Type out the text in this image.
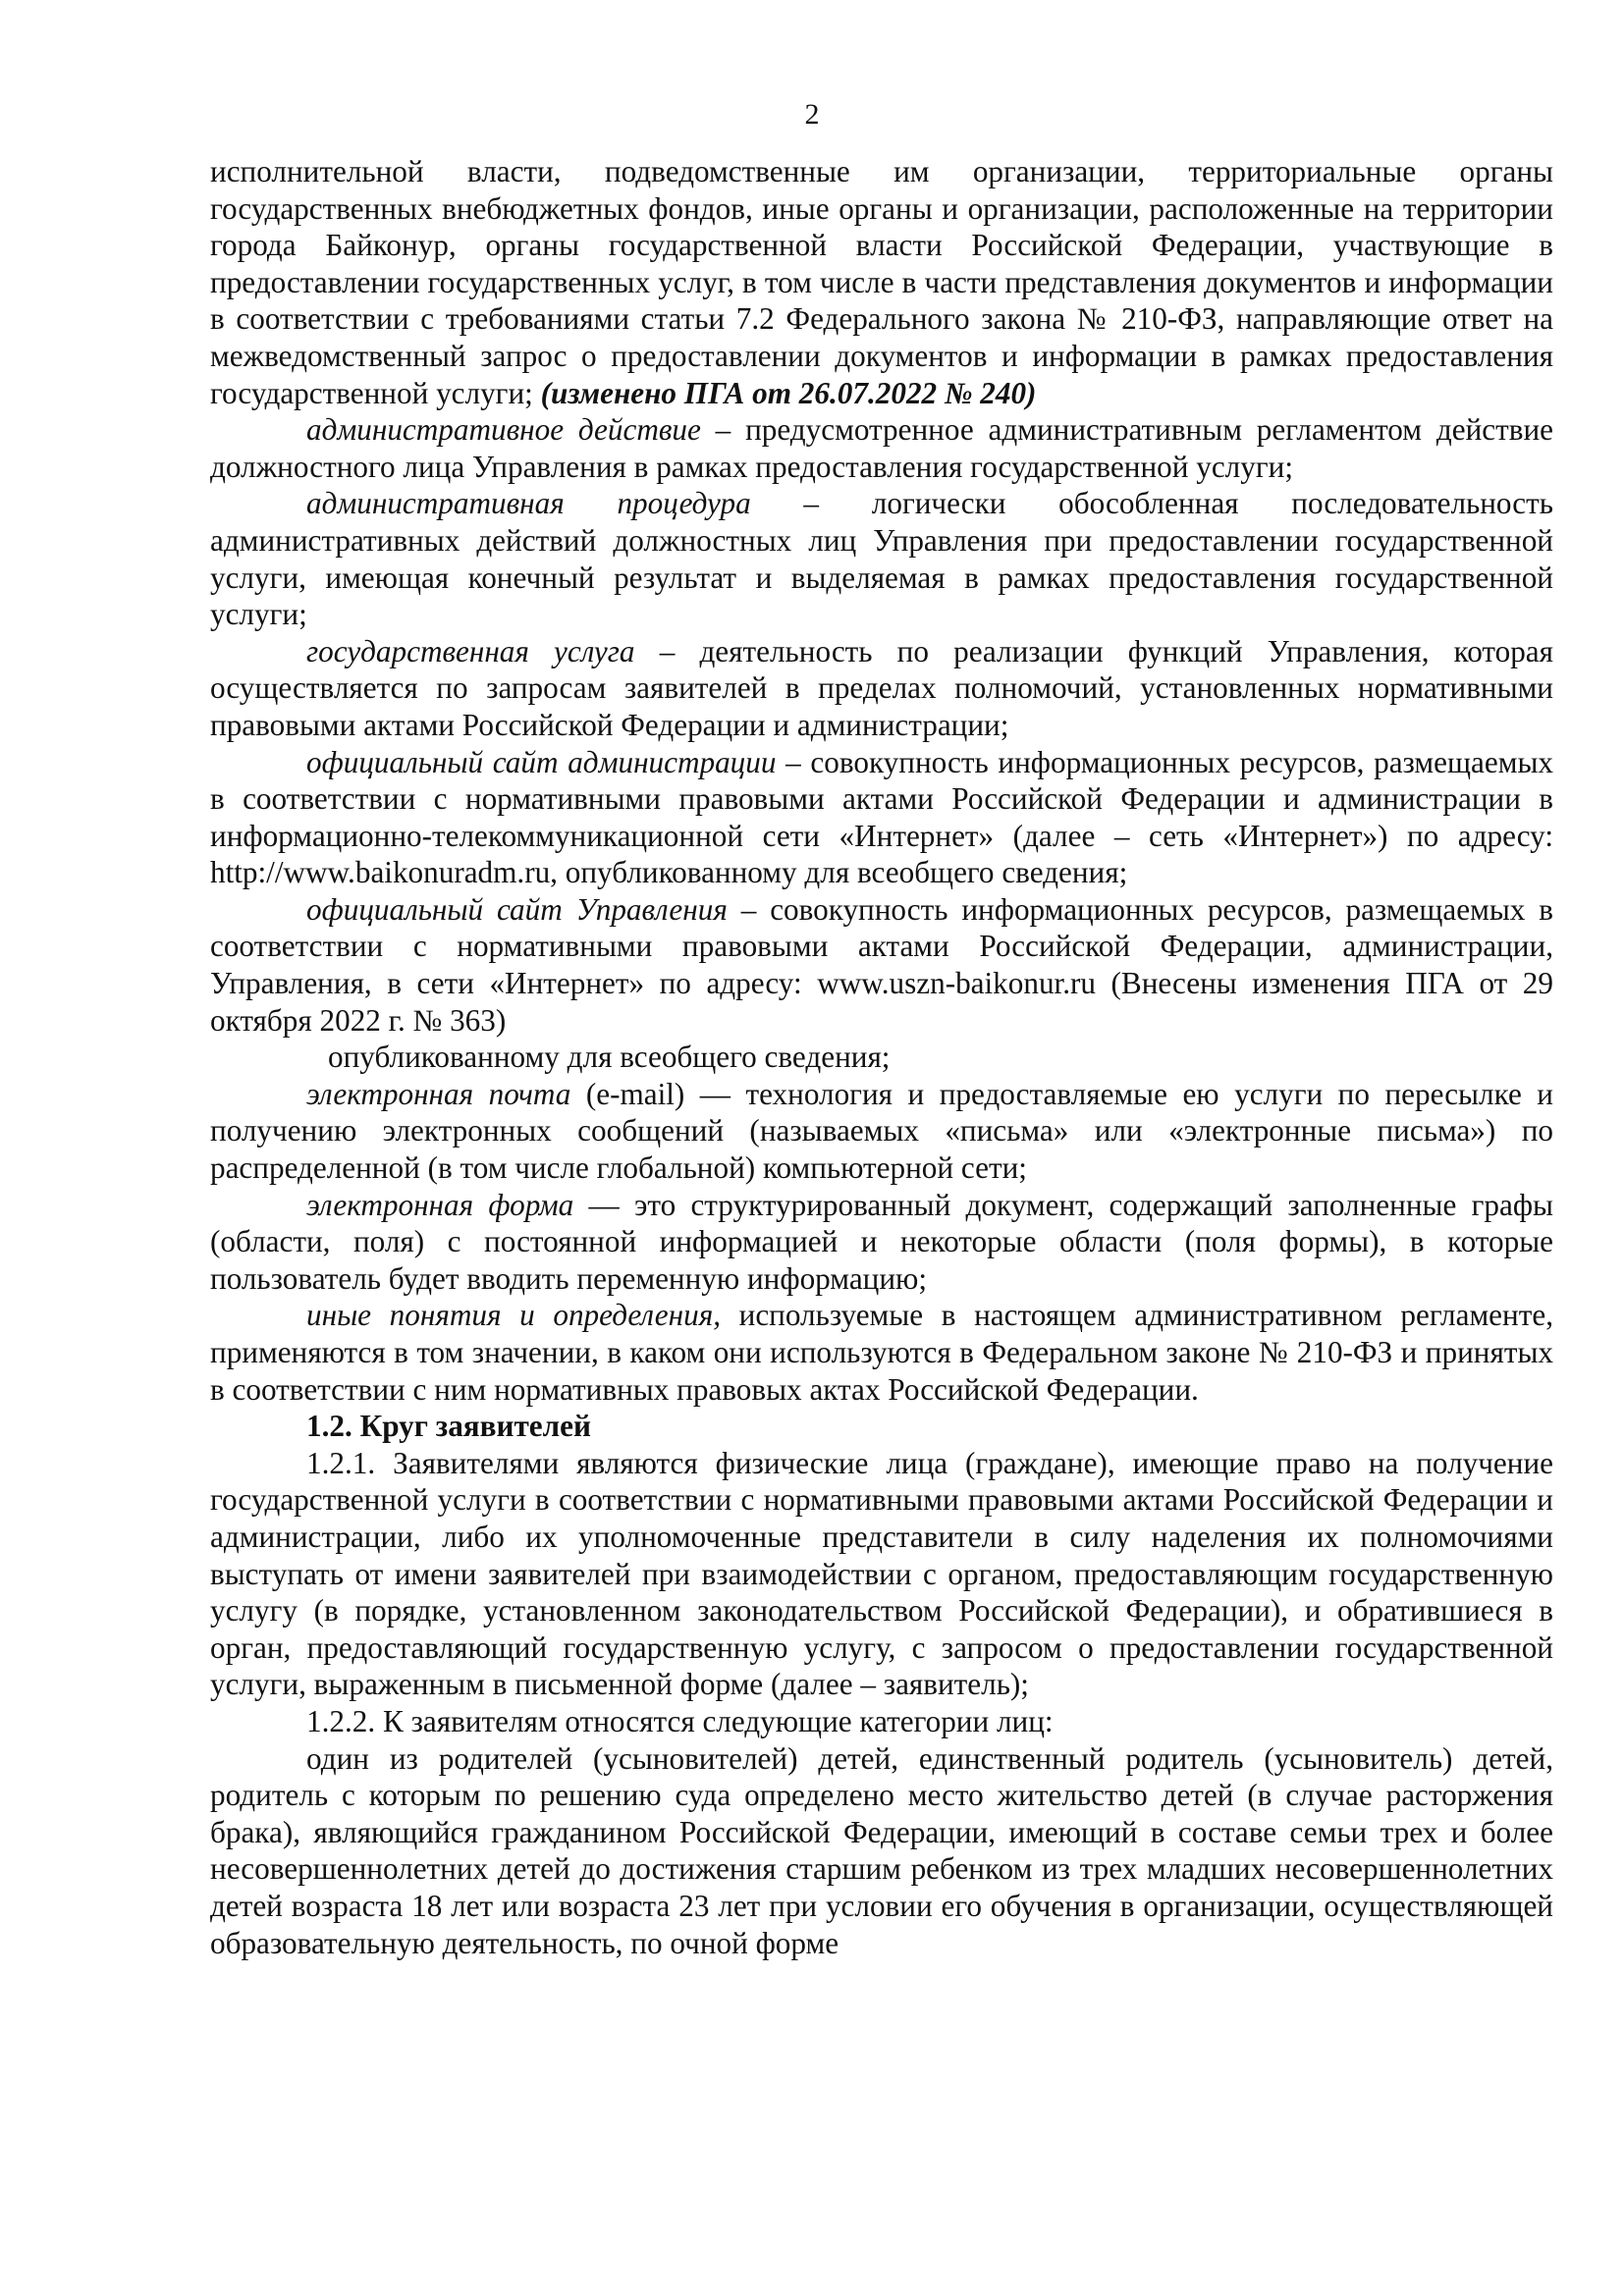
2

исполнительной власти, подведомственные им организации, территориальные органы государственных внебюджетных фондов, иные органы и организации, расположенные на территории города Байконур, органы государственной власти Российской Федерации, участвующие в предоставлении государственных услуг, в том числе в части представления документов и информации в соответствии с требованиями статьи 7.2 Федерального закона № 210-ФЗ, направляющие ответ на межведомственный запрос о предоставлении документов и информации в рамках предоставления государственной услуги; (изменено ПГА от 26.07.2022 № 240)

административное действие – предусмотренное административным регламентом действие должностного лица Управления в рамках предоставления государственной услуги;

административная процедура – логически обособленная последовательность административных действий должностных лиц Управления при предоставлении государственной услуги, имеющая конечный результат и выделяемая в рамках предоставления государственной услуги;

государственная услуга – деятельность по реализации функций Управления, которая осуществляется по запросам заявителей в пределах полномочий, установленных нормативными правовыми актами Российской Федерации и администрации;

официальный сайт администрации – совокупность информационных ресурсов, размещаемых в соответствии с нормативными правовыми актами Российской Федерации и администрации в информационно-телекоммуникационной сети «Интернет» (далее – сеть «Интернет») по адресу: http://www.baikonuradm.ru, опубликованному для всеобщего сведения;

официальный сайт Управления – совокупность информационных ресурсов, размещаемых в соответствии с нормативными правовыми актами Российской Федерации, администрации, Управления, в сети «Интернет» по адресу: www.uszn-baikonur.ru (Внесены изменения ПГА от 29 октября 2022 г. № 363)

опубликованному для всеобщего сведения;

электронная почта (e-mail) — технология и предоставляемые ею услуги по пересылке и получению электронных сообщений (называемых «письма» или «электронные письма») по распределенной (в том числе глобальной) компьютерной сети;

электронная форма — это структурированный документ, содержащий заполненные графы (области, поля) с постоянной информацией и некоторые области (поля формы), в которые пользователь будет вводить переменную информацию;

иные понятия и определения, используемые в настоящем административном регламенте, применяются в том значении, в каком они используются в Федеральном законе № 210-ФЗ и принятых в соответствии с ним нормативных правовых актах Российской Федерации.

1.2. Круг заявителей

1.2.1. Заявителями являются физические лица (граждане), имеющие право на получение государственной услуги в соответствии с нормативными правовыми актами Российской Федерации и администрации, либо их уполномоченные представители в силу наделения их полномочиями выступать от имени заявителей при взаимодействии с органом, предоставляющим государственную услугу (в порядке, установленном законодательством Российской Федерации), и обратившиеся в орган, предоставляющий государственную услугу, с запросом о предоставлении государственной услуги, выраженным в письменной форме (далее – заявитель);

1.2.2. К заявителям относятся следующие категории лиц:

один из родителей (усыновителей) детей, единственный родитель (усыновитель) детей, родитель с которым по решению суда определено место жительство детей (в случае расторжения брака), являющийся гражданином Российской Федерации, имеющий в составе семьи трех и более несовершеннолетних детей до достижения старшим ребенком из трех младших несовершеннолетних детей возраста 18 лет или возраста 23 лет при условии его обучения в организации, осуществляющей образовательную деятельность, по очной форме
